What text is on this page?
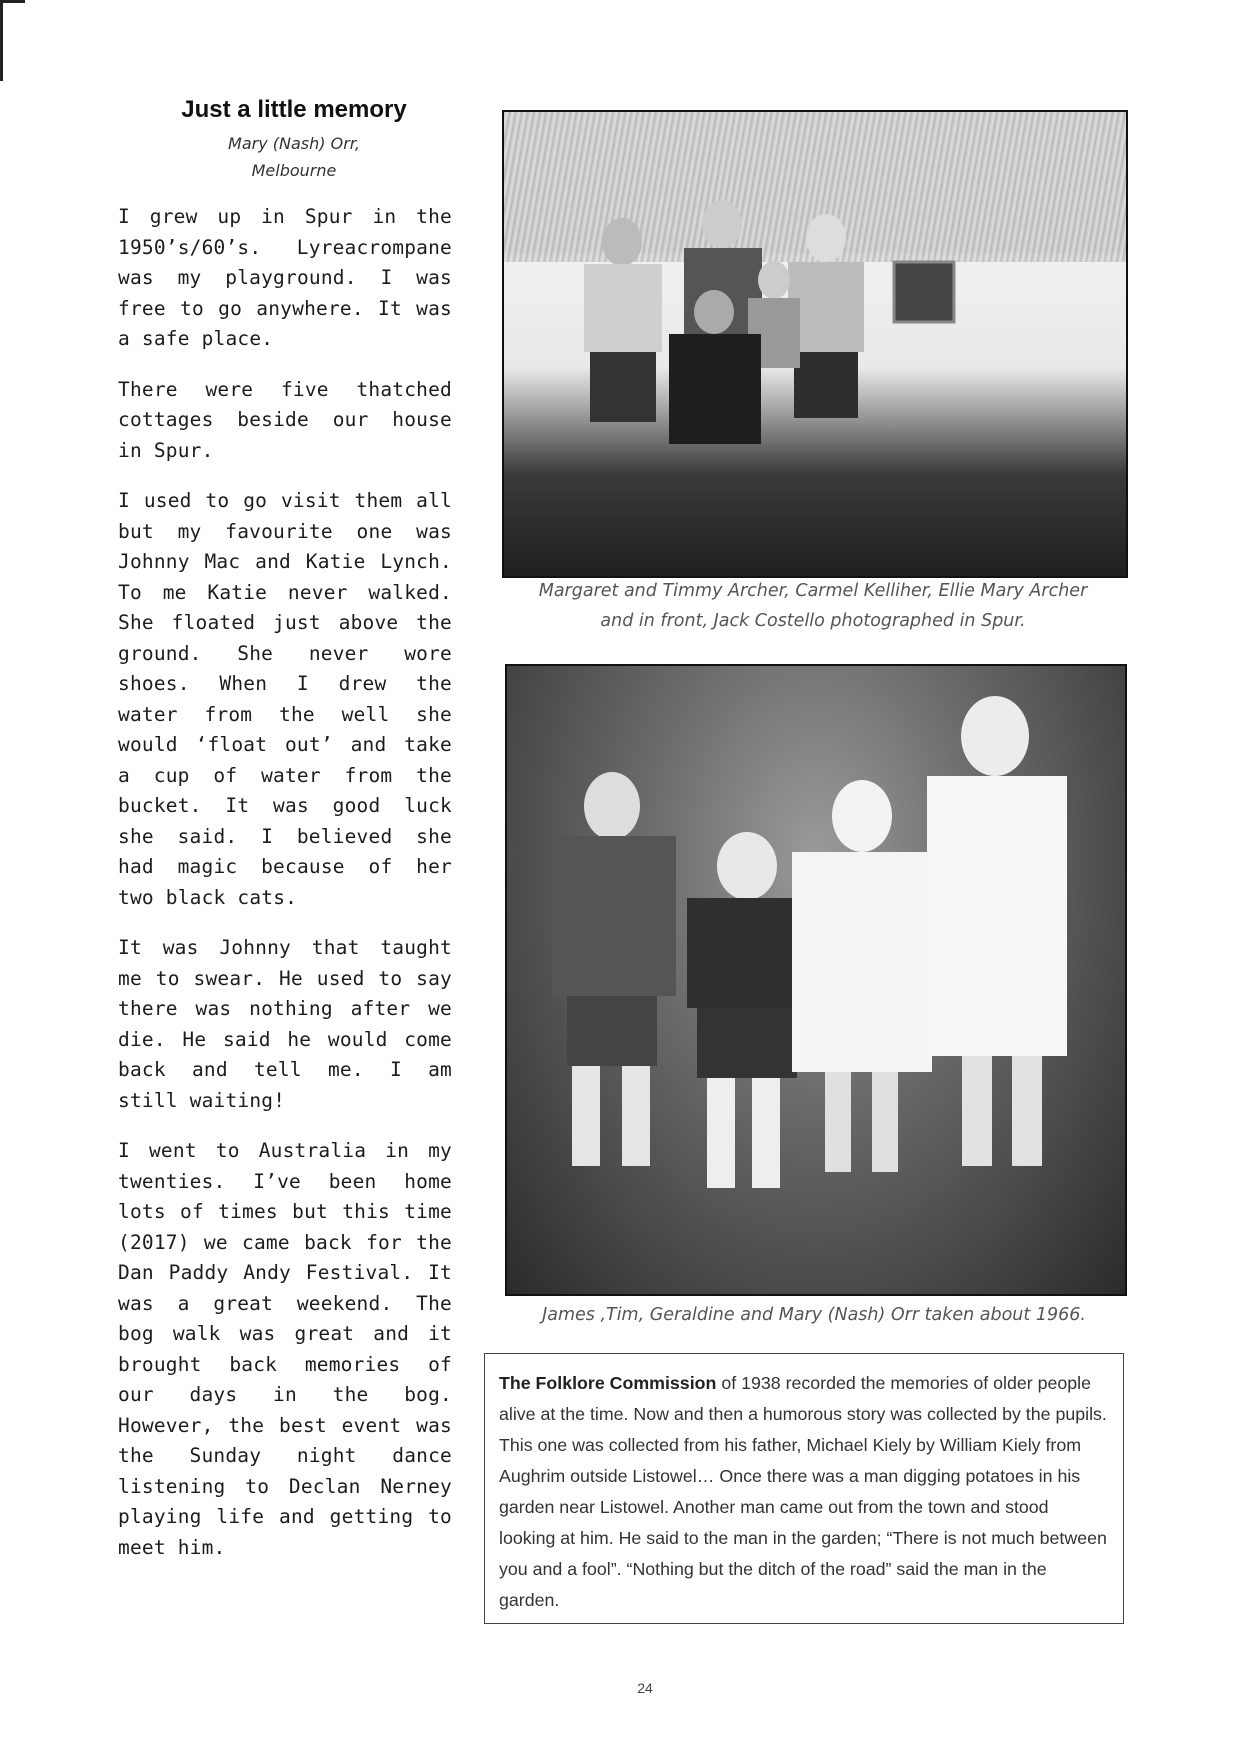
Just a little memory
Mary (Nash) Orr,
Melbourne

I grew up in Spur in the 1950’s/60’s. Lyreacrompane was my playground. I was free to go anywhere. It was a safe place.

There were five thatched cottages beside our house in Spur.

I used to go visit them all but my favourite one was Johnny Mac and Katie Lynch. To me Katie never walked. She floated just above the ground. She never wore shoes. When I drew the water from the well she would ‘float out’ and take a cup of water from the bucket. It was good luck she said. I believed she had magic because of her two black cats.

It was Johnny that taught me to swear. He used to say there was nothing after we die. He said he would come back and tell me. I am still waiting!

I went to Australia in my twenties. I’ve been home lots of times but this time (2017) we came back for the Dan Paddy Andy Festival. It was a great weekend. The bog walk was great and it brought back memories of our days in the bog. However, the best event was the Sunday night dance listening to Declan Nerney playing life and getting to meet him.

Margaret and Timmy Archer, Carmel Kelliher, Ellie Mary Archer
and in front, Jack Costello photographed in Spur.
James ,Tim, Geraldine and Mary (Nash) Orr taken about 1966.
The Folklore Commission of 1938 recorded the memories of older people alive at the time. Now and then a humorous story was collected by the pupils. This one was collected from his father, Michael Kiely by William Kiely from Aughrim outside Listowel… Once there was a man digging potatoes in his garden near Listowel. Another man came out from the town and stood looking at him. He said to the man in the garden; “There is not much between you and a fool”. “Nothing but the ditch of the road” said the man in the garden.
24
